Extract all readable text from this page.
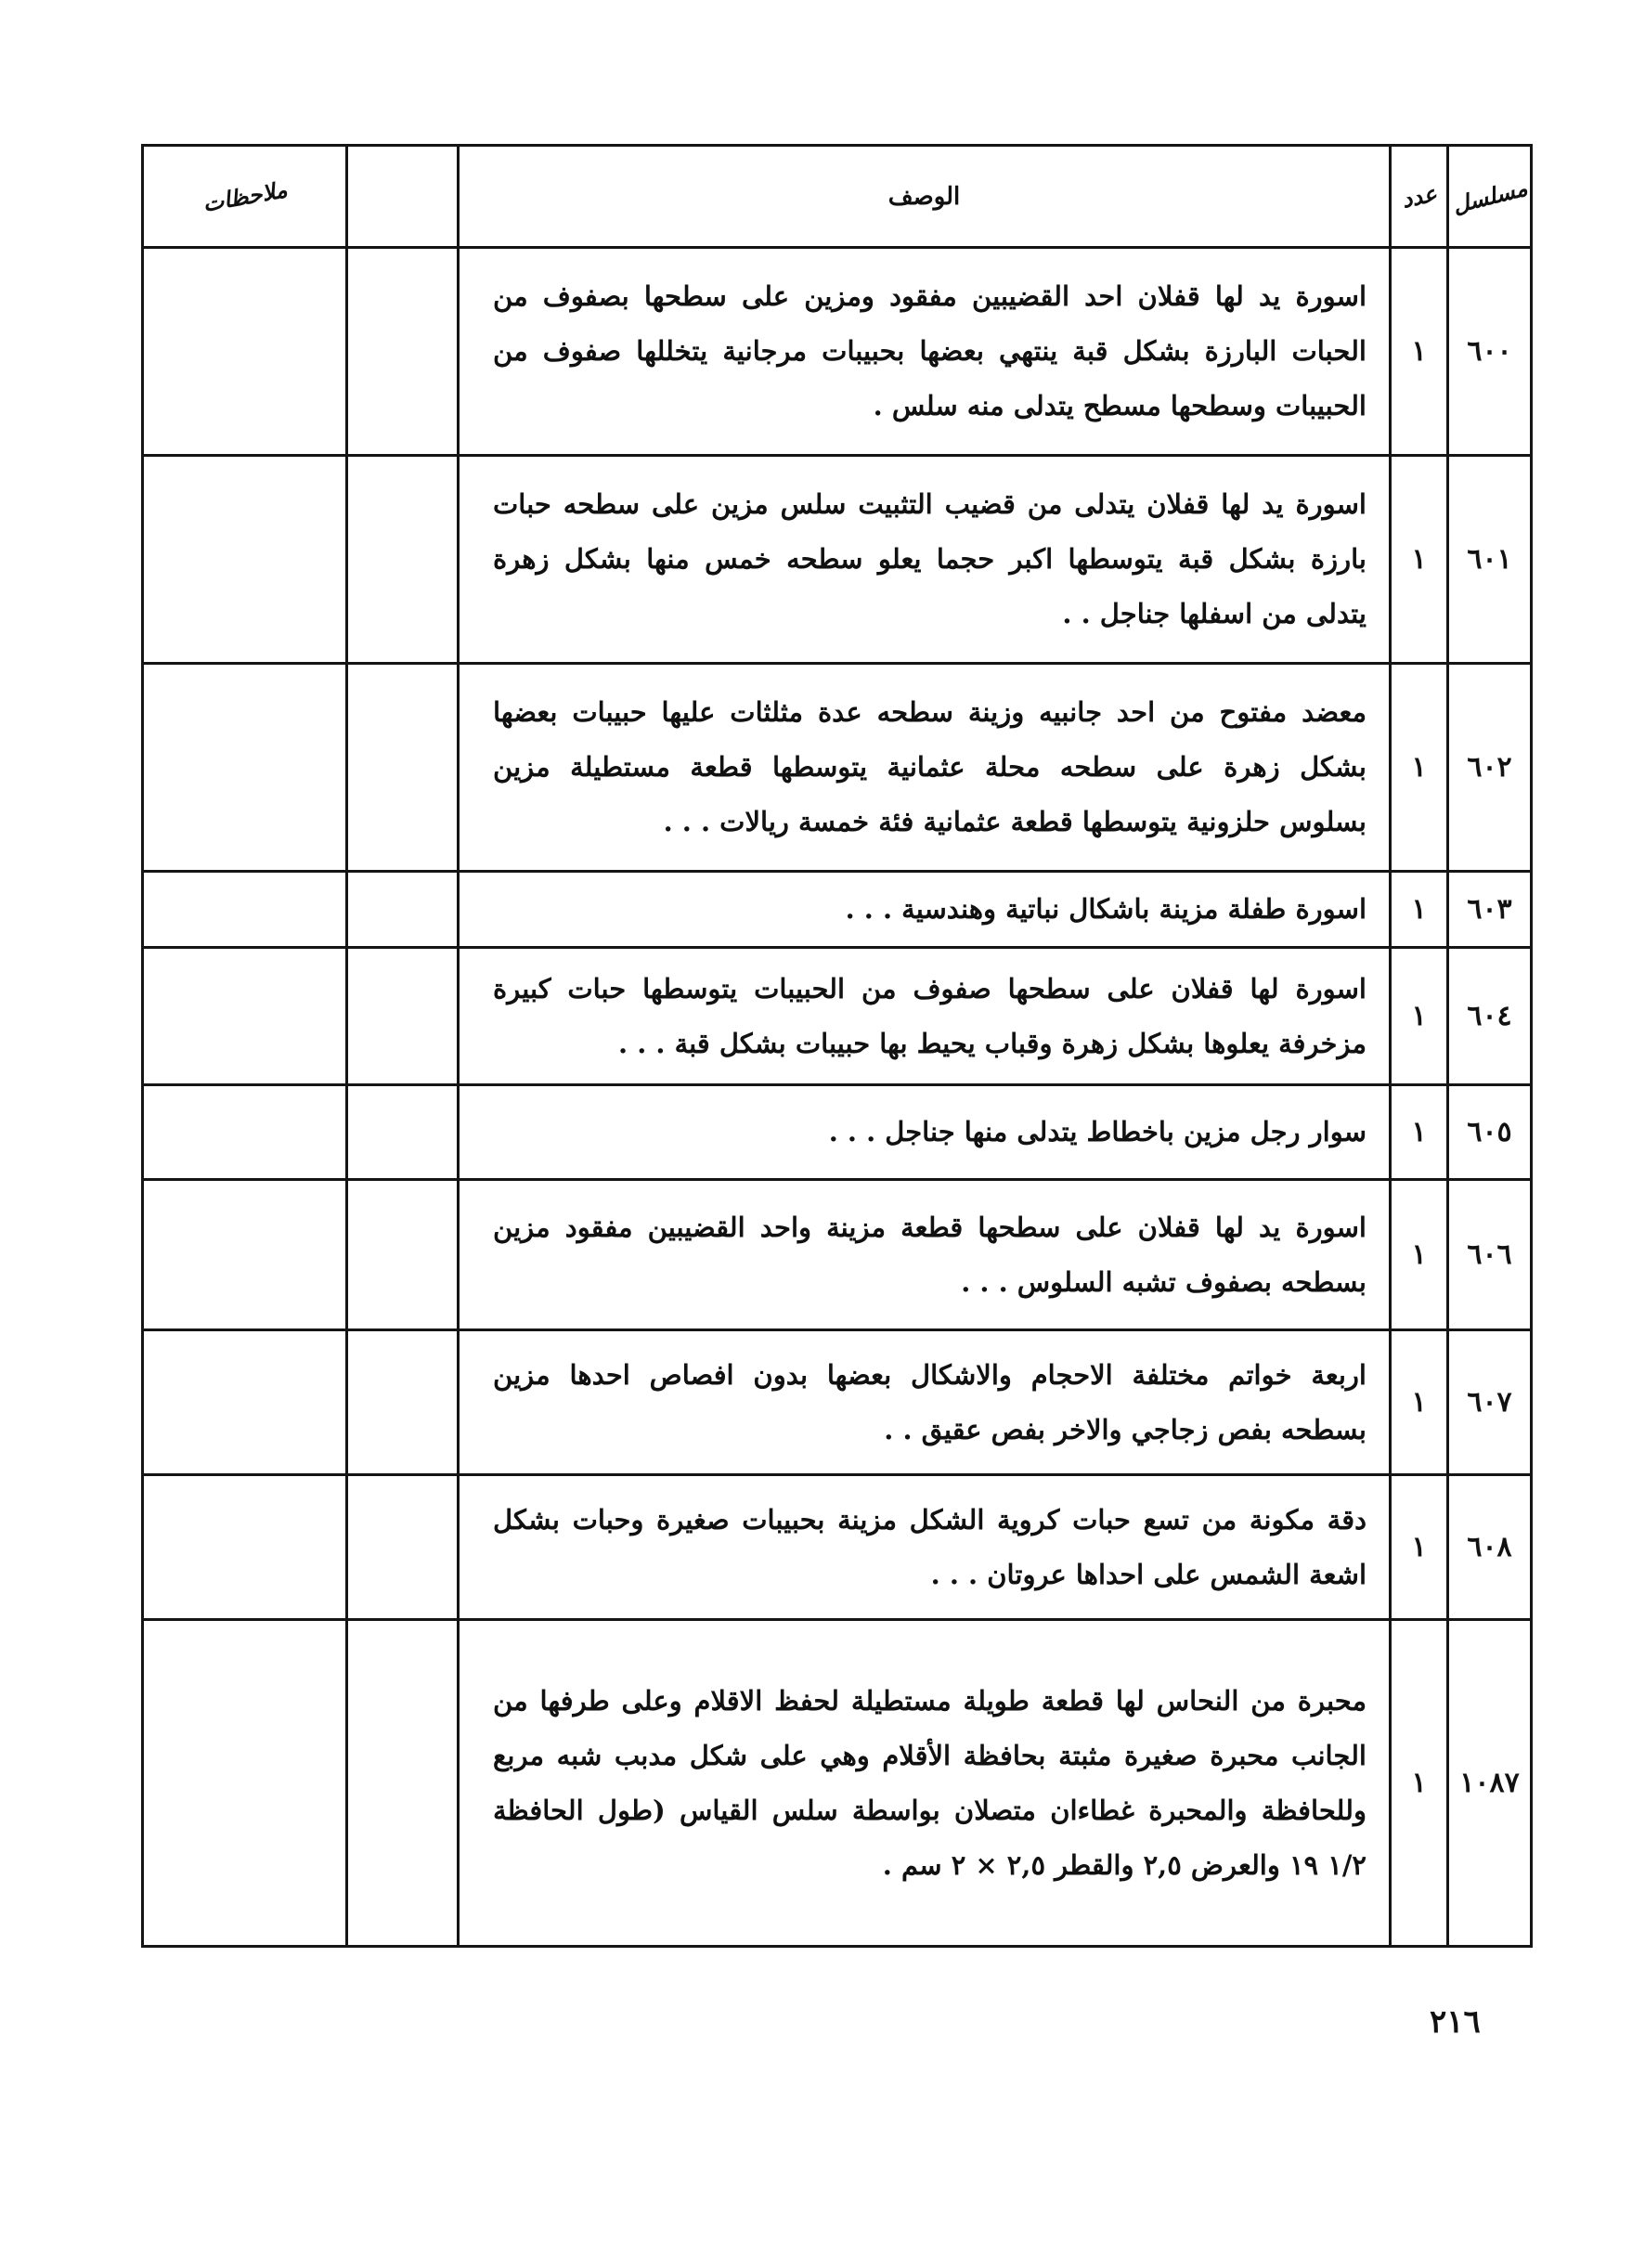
مسلسل	عدد	الوصف		ملاحظات
٦٠٠	١	اسورة يد لها قفلان احد القضيبين مفقود ومزين على سطحها بصفوف من الحبات البارزة بشكل قبة ينتهي بعضها بحبيبات مرجانية يتخللها صفوف من الحبيبات وسطحها مسطح يتدلى منه سلس .		
٦٠١	١	اسورة يد لها قفلان يتدلى من قضيب التثبيت سلس مزين على سطحه حبات بارزة بشكل قبة يتوسطها اكبر حجما يعلو سطحه خمس منها بشكل زهرة يتدلى من اسفلها جناجل . .		
٦٠٢	١	معضد مفتوح من احد جانبيه وزينة سطحه عدة مثلثات عليها حبيبات بعضها بشكل زهرة على سطحه محلة عثمانية يتوسطها قطعة مستطيلة مزين بسلوس حلزونية يتوسطها قطعة عثمانية فئة خمسة ريالات . . .		
٦٠٣	١	اسورة طفلة مزينة باشكال نباتية وهندسية . . .		
٦٠٤	١	اسورة لها قفلان على سطحها صفوف من الحبيبات يتوسطها حبات كبيرة مزخرفة يعلوها بشكل زهرة وقباب يحيط بها حبيبات بشكل قبة . . .		
٦٠٥	١	سوار رجل مزين باخطاط يتدلى منها جناجل . . .		
٦٠٦	١	اسورة يد لها قفلان على سطحها قطعة مزينة واحد القضيبين مفقود مزين بسطحه بصفوف تشبه السلوس . . .		
٦٠٧	١	اربعة خواتم مختلفة الاحجام والاشكال بعضها بدون افصاص احدها مزين بسطحه بفص زجاجي والاخر بفص عقيق . .		
٦٠٨	١	دقة مكونة من تسع حبات كروية الشكل مزينة بحبيبات صغيرة وحبات بشكل اشعة الشمس على احداها عروتان . . .		
١٠٨٧	١	محبرة من النحاس لها قطعة طويلة مستطيلة لحفظ الاقلام وعلى طرفها من الجانب محبرة صغيرة مثبتة بحافظة الأقلام وهي على شكل مدبب شبه مربع وللحافظة والمحبرة غطاءان متصلان بواسطة سلس القياس (طول الحافظة ١/٢ ١٩ والعرض ٢,٥ والقطر ٢,٥ × ٢ سم .		
٢١٦
